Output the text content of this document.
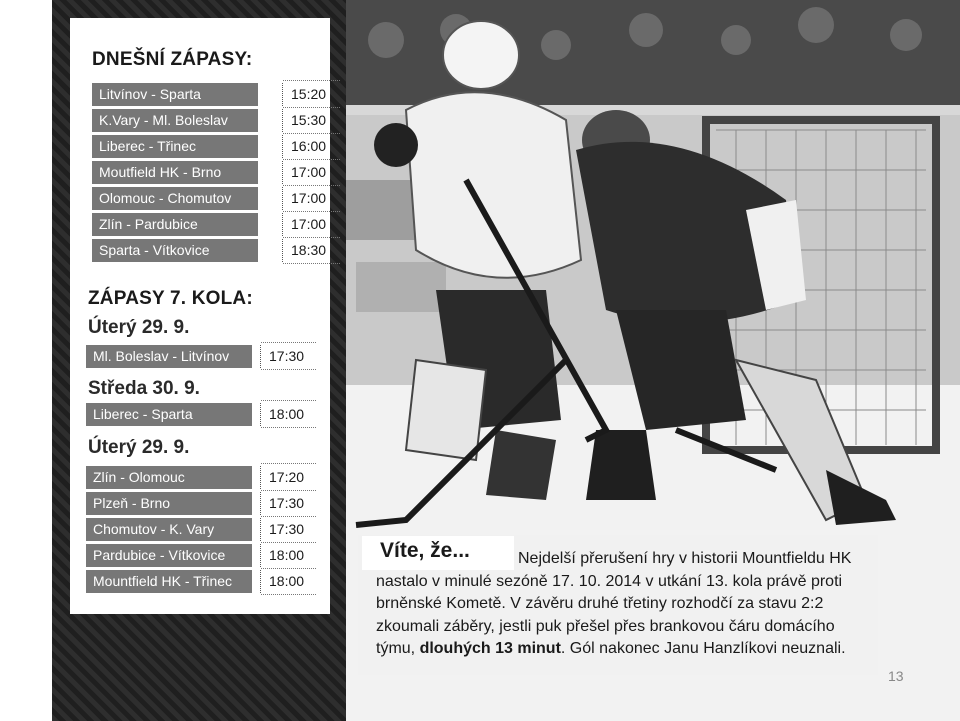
DNEŠNÍ ZÁPASY:
Litvínov - Sparta	15:20
K.Vary - Ml. Boleslav	15:30
Liberec - Třinec	16:00
Moutfield HK - Brno	17:00
Olomouc - Chomutov	17:00
Zlín - Pardubice	17:00
Sparta - Vítkovice	18:30
ZÁPASY 7. KOLA:
Úterý 29. 9.
Ml. Boleslav - Litvínov	17:30
Středa 30. 9.
Liberec - Sparta	18:00
Úterý 29. 9.
Zlín - Olomouc	17:20
Plzeň - Brno	17:30
Chomutov - K. Vary	17:30
Pardubice - Vítkovice	18:00
Mountfield HK - Třinec	18:00
Víte, že...	Nejdelší přerušení hry v historii Mountfieldu HK nastalo v minulé sezóně 17. 10. 2014 v utkání 13. kola právě proti brněnské Kometě. V závěru druhé třetiny rozhodčí za stavu 2:2 zkoumali záběry, jestli puk přešel přes brankovou čáru domácího týmu, dlouhých 13 minut. Gól nakonec Janu Hanzlíkovi neuznali.

13
